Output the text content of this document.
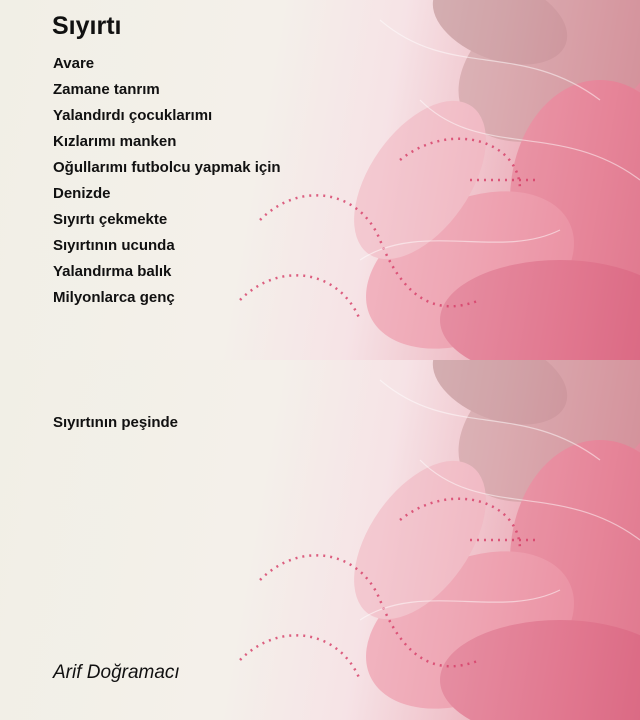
Sıyırtı
Avare
Zamane tanrım
Yalandırdı çocuklarımı
Kızlarımı manken
Oğullarımı futbolcu yapmak için
Denizde
Sıyırtı çekmekte
Sıyırtının ucunda
Yalandırma balık
Milyonlarca genç
Sıyırtının peşinde
Arif Doğramacı
